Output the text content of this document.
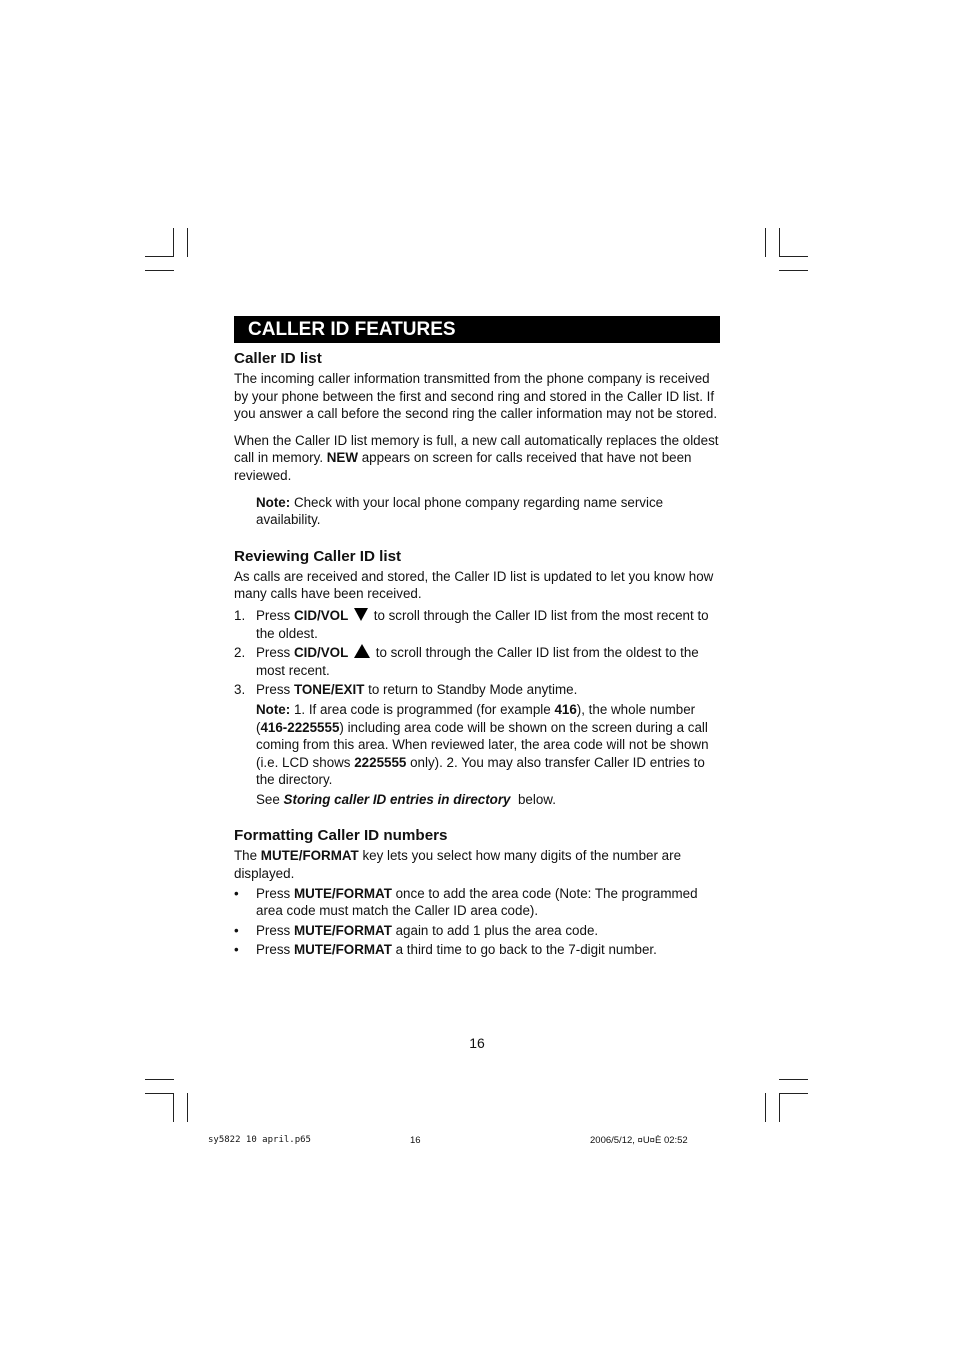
CALLER ID FEATURES
Caller ID list

The incoming caller information transmitted from the phone company is received by your phone between the first and second ring and stored in the Caller ID list. If you answer a call before the second ring the caller information may not be stored.

When the Caller ID list memory is full, a new call automatically replaces the oldest call in memory. NEW appears on screen for calls received that have not been reviewed.

Note: Check with your local phone company regarding name service availability.

Reviewing Caller ID list

As calls are received and stored, the Caller ID list is updated to let you know how many calls have been received.

1. Press CID/VOL  to scroll through the Caller ID list from the most recent to the oldest.
2. Press CID/VOL  to scroll through the Caller ID list from the oldest to the most recent.
3. Press TONE/EXIT to return to Standby Mode anytime.

Note: 1. If area code is programmed (for example 416), the whole number (416-2225555) including area code will be shown on the screen during a call coming from this area. When reviewed later, the area code will not be shown (i.e. LCD shows 2225555 only). 2. You may also transfer Caller ID entries to the directory.

See Storing caller ID entries in directory  below.

Formatting Caller ID numbers

The MUTE/FORMAT key lets you select how many digits of the number are displayed.

•	Press MUTE/FORMAT once to add the area code (Note: The programmed area code must match the Caller ID area code).
•	Press MUTE/FORMAT again to add 1 plus the area code.
•	Press MUTE/FORMAT a third time to go back to the 7-digit number.
16
sy5822 10 april.p65	16	2006/5/12, ¤U¤È 02:52
